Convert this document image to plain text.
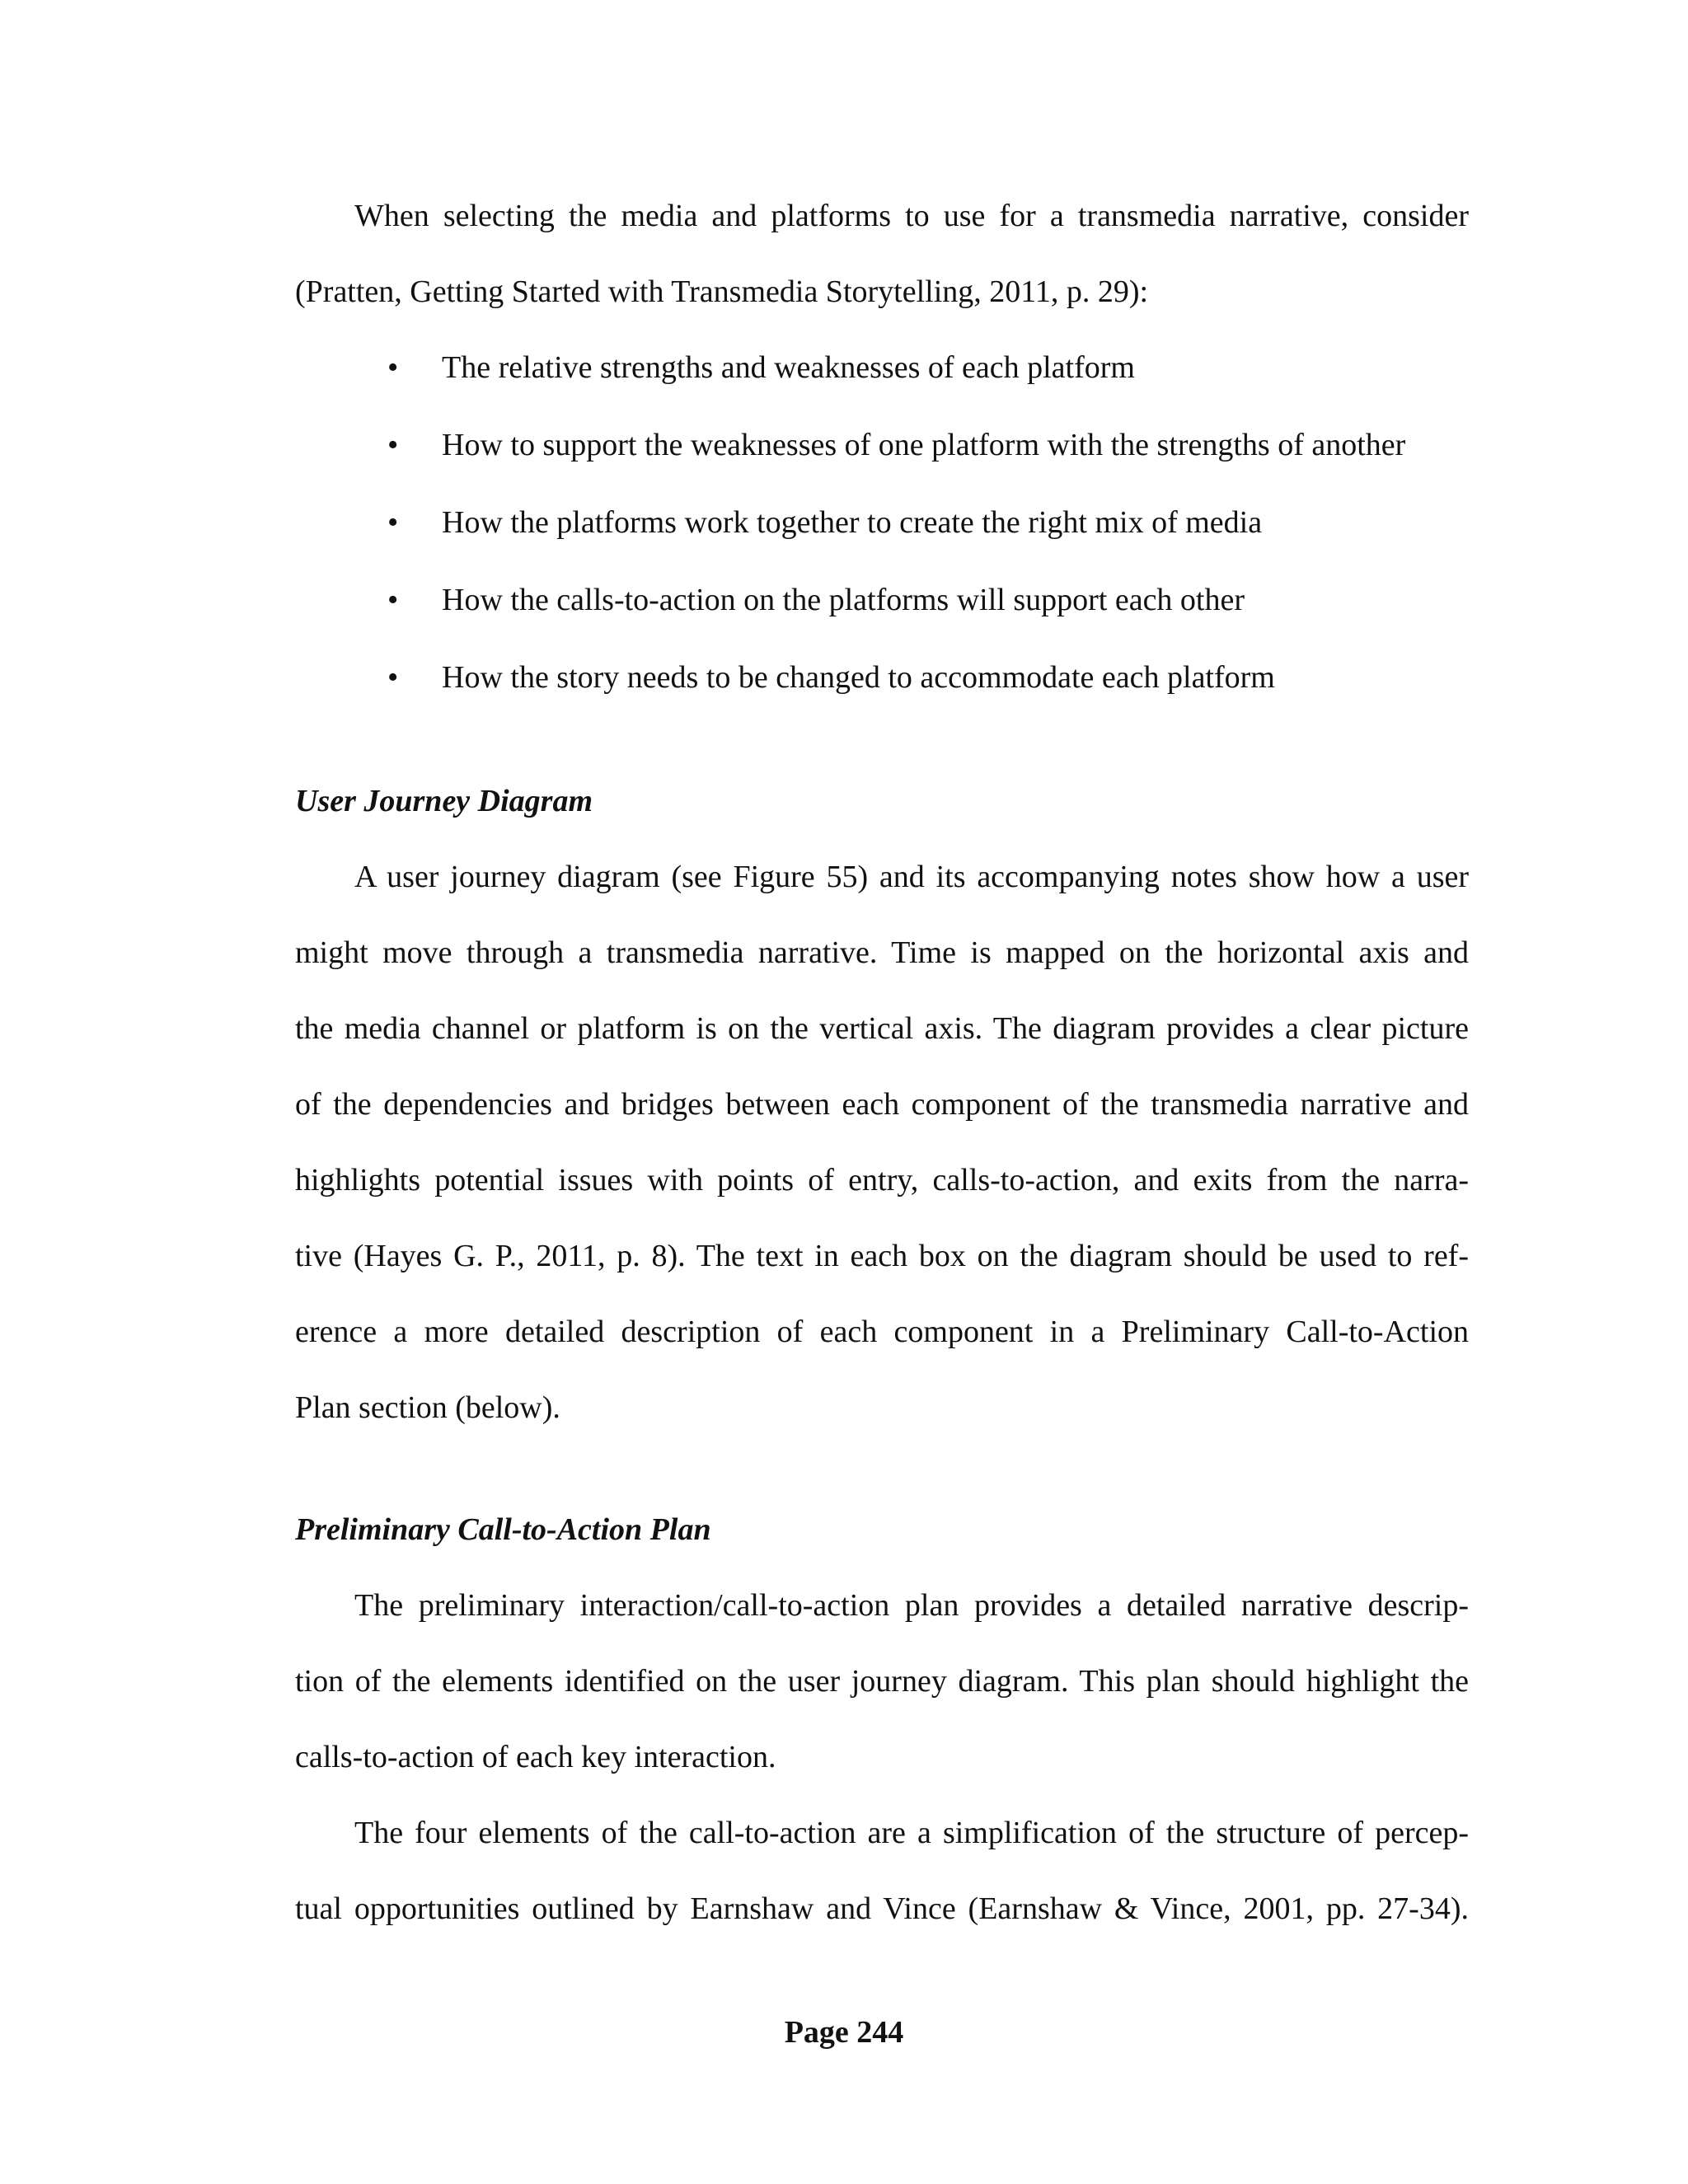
When selecting the media and platforms to use for a transmedia narrative, consider
(Pratten, Getting Started with Transmedia Storytelling, 2011, p. 29):
•	The relative strengths and weaknesses of each platform
•	How to support the weaknesses of one platform with the strengths of another
•	How the platforms work together to create the right mix of media
•	How the calls-to-action on the platforms will support each other
•	How the story needs to be changed to accommodate each platform
User Journey Diagram
A user journey diagram (see Figure 55) and its accompanying notes show how a user
might move through a transmedia narrative. Time is mapped on the horizontal axis and
the media channel or platform is on the vertical axis. The diagram provides a clear picture
of the dependencies and bridges between each component of the transmedia narrative and
highlights potential issues with points of entry, calls-to-action, and exits from the narra-
tive (Hayes G. P., 2011, p. 8). The text in each box on the diagram should be used to ref-
erence a more detailed description of each component in a Preliminary Call-to-Action
Plan section (below).
Preliminary Call-to-Action Plan
The preliminary interaction/call-to-action plan provides a detailed narrative descrip-
tion of the elements identified on the user journey diagram. This plan should highlight the
calls-to-action of each key interaction.
The four elements of the call-to-action are a simplification of the structure of percep-
tual opportunities outlined by Earnshaw and Vince (Earnshaw & Vince, 2001, pp. 27-34).
Page 244
